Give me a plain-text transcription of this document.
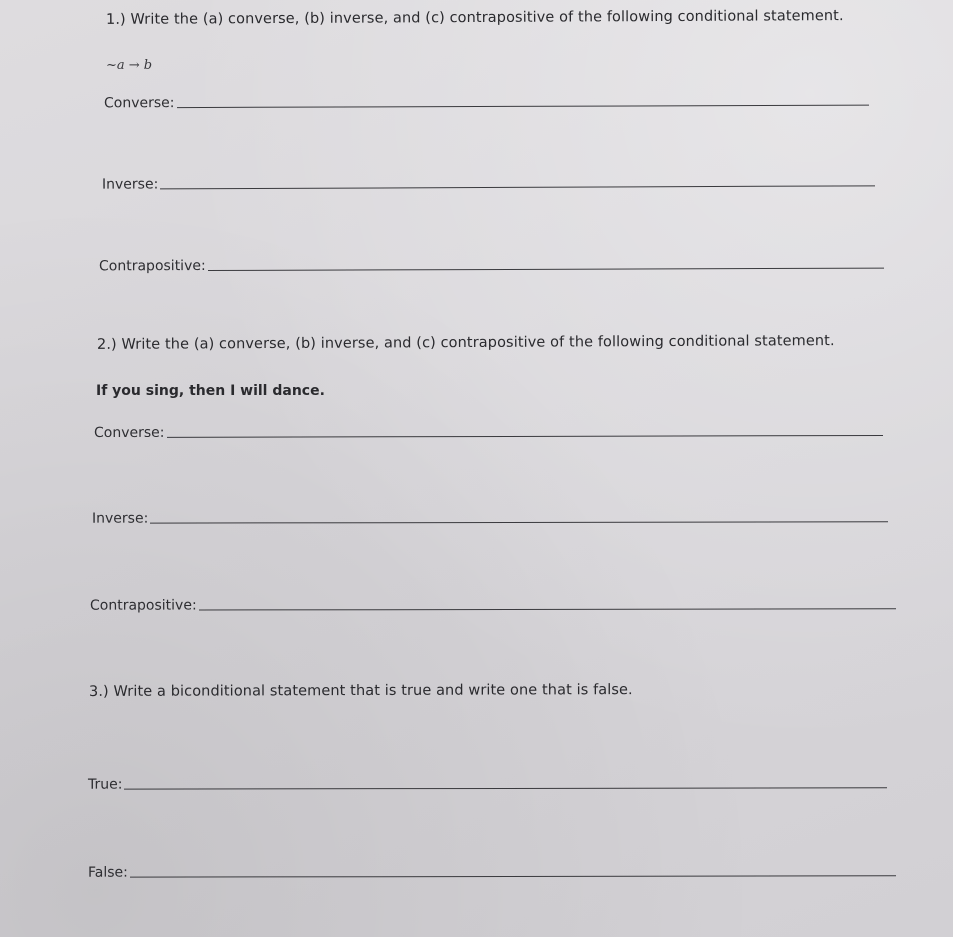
1.) Write the (a) converse, (b) inverse, and (c) contrapositive of the following conditional statement.
~a → b
Converse:
Inverse:
Contrapositive:
2.) Write the (a) converse, (b) inverse, and (c) contrapositive of the following conditional statement.
If you sing, then I will dance.
Converse:
Inverse:
Contrapositive:
3.) Write a biconditional statement that is true and write one that is false.
True:
False:
